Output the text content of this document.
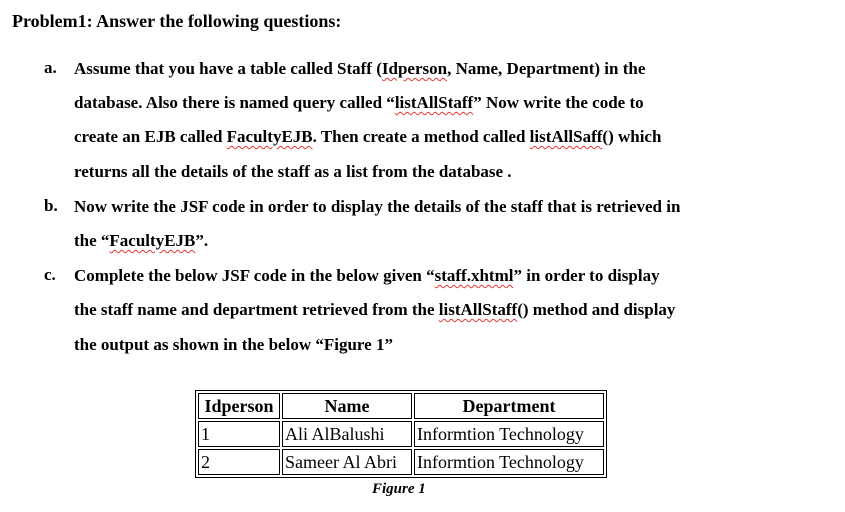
Problem1: Answer the following questions:
a. Assume that you have a table called Staff (Idperson, Name, Department) in the
database. Also there is named query called “listAllStaff” Now write the code to
create an EJB called FacultyEJB. Then create a method called listAllSaff() which
returns all the details of the staff as a list from the database .
b. Now write the JSF code in order to display the details of the staff that is retrieved in
the “FacultyEJB”.
c. Complete the below JSF code in the below given “staff.xhtml” in order to display
the staff name and department retrieved from the listAllStaff() method and display
the output as shown in the below “Figure 1”
Idperson	Name	Department
1	Ali AlBalushi	Informtion Technology
2	Sameer Al Abri	Informtion Technology
Figure 1
